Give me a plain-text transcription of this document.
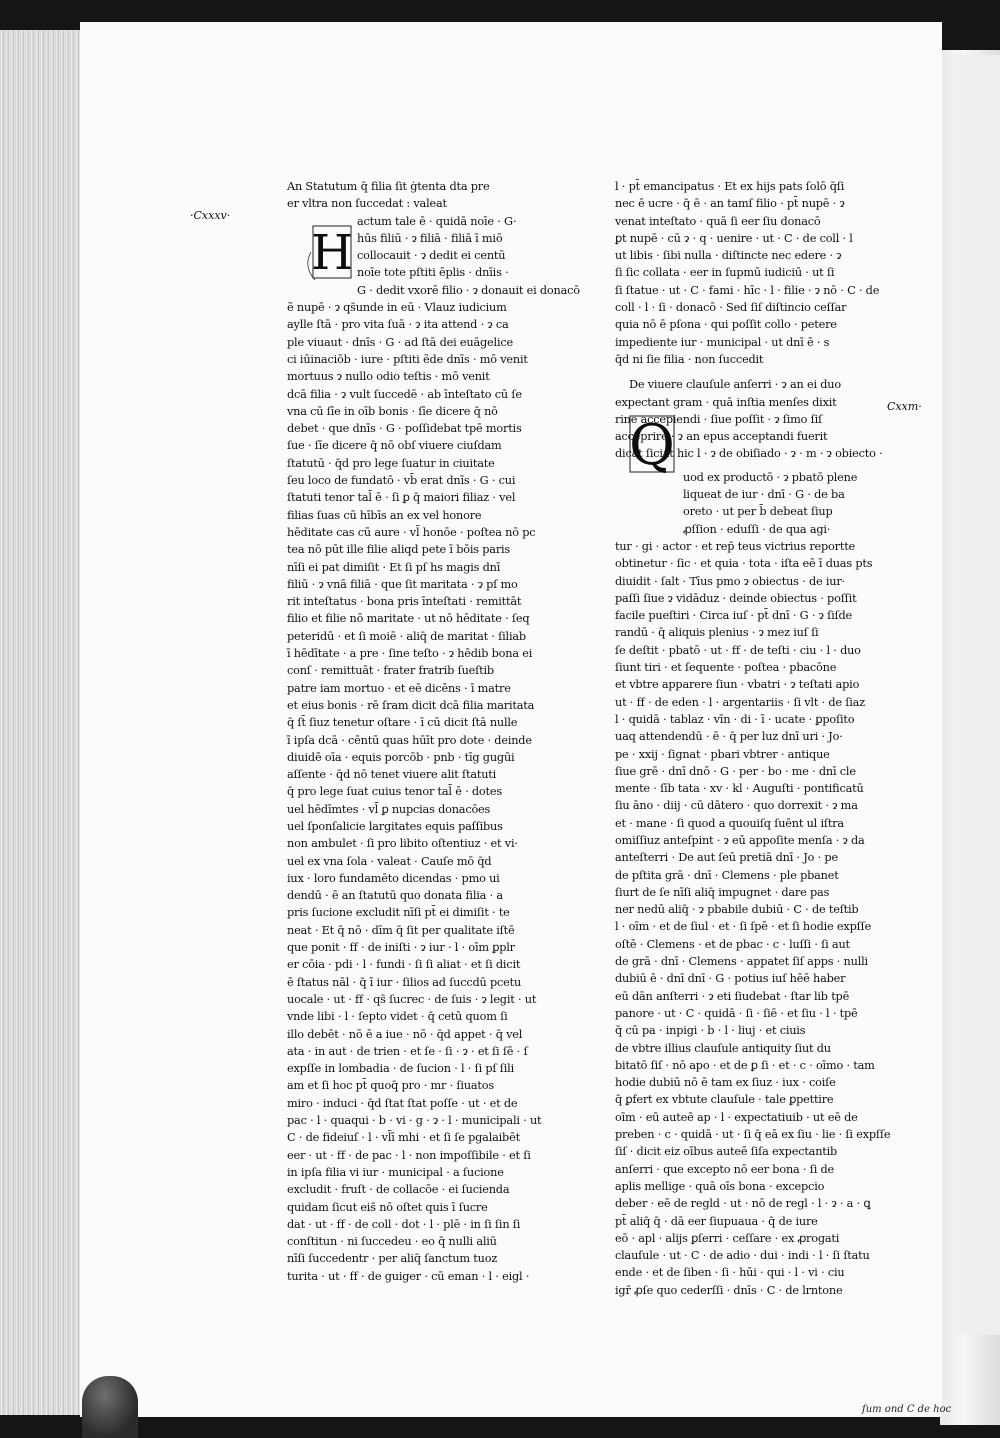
·Cxxxv·
Cxxm·
H
Q
An Statutum q̄ filia ſit ġtenta dta pre
er vltra non ſuccedat : valeat
actum tale ē · quidā noīe · G·
hūs filiū · ɂ filiā · filiā ī miō
collocauit · ɂ dedit ei centū
noīe tote pſtiti ēplis · dnīis ·
G · dedit vxorē filio · ɂ donauit ei donacō
ẽ nupē · ɂ qs̄unde in eū · Vlauz iudicium
aylle ſtā · pro vita ſuā · ɂ ita attend · ɂ ca
ple viuaut · dnīs · G · ad ſtā dei euāgelice
ci iūinaciōb · iure · pſtiti ẽde dnīs · mō venit
mortuus ɂ nullo odio teſtis · mō venit
dcā filia · ɂ vult ſuccedē · ab īnteſtato cū ſe
vna cū ſīe in oīb bonis · ſīe dicere q̄ nō
debet · que dnīs · G · poſſidebat tpē mortis
ſue · ſīe dicere q̄ nō obſ viuere ciuſdam
ſtatutū · q̄d pro lege ſuatur in ciuitate
ſeu loco de fundatō · vb̄ erat dnīs · G · cui
ſtatuti tenor tal̄ ē · ſi ꝑ q̄ maiori filiaz · vel
filias ſuas cū hībīs an ex vel honore
hēditate cas cū aure · vl̄ honōe · poſtea nō pc
tea nō pūt ille filie aliqd pete ī bōis paris
nīſi ei pat dimiſit · Et ſi pſ hs magis dnī
filiū · ɂ vnā filiā · que ſit maritata · ɂ pſ mo
rit inteſtatus · bona pris īnteſtati · remittāt
filio et filie nō maritate · ut nō hēditate · ſeq
peteridū · et ſi moiē · aliq̄ de maritat · ſiliab
ī hēdītate · a pre · ſine teſto · ɂ hēdib bona ei
conſ · remittuāt · frater fratrib ſueſtib
patre iam mortuo · et eē dicēns · ī matre
et eius bonis · rē ſram dicit dcā filia maritata
q̄ ſt̄ ſiuz tenetur oſtare · ī cū dicit ſtā nulle
ī ipſa dcā · cēntū quas hūīt pro dote · deinde
diuidē oīa · equis porcōb · pnb · tīg gugūi
aſſente · q̄d nō tenet viuere alit ſtatuti
q̄ pro lege ſuat cuius tenor tal̄ ē · dotes
uel hēdīmtes · vl̄ ꝑ nupcias donacōes
uel ſponſalicie largitates equis paſſibus
non ambulet · ſi pro libito oſtentiuz · et vi·
uel ex vna ſola · valeat · Cauſe mō q̄d
iux · loro fundamēto dicendas · pmo ui
dendū · ē an ſtatutū quo donata filia · a
pris ſucione excludit nīſi pt̄ ei dimiſit · te
neat · Et q̄ nō · dīm q̄ ſit per qualitate iſtē
que ponit · ff · de iniſti · ɂ iur · l · oīm ꝑplr
er cōia · pdi · l · fundi · ſi ſi aliat · et ſi dicit
ē ſtatus nāl · q̄ ī iur · ſilios ad ſuccdū pcetu
uocale · ut · ff · qs̄ ſucrec · de ſuis · ɂ legit · ut
vnde libi · l · ſepto videt · q̄ cetū quom ſi
illo debēt · nō ē a iue · nō · q̄d appet · q̄ vel
ata · in aut · de trien · et ſe · ſi · ɂ · et ſi ſē · ſ
expſſe in lombadia · de ſucion · l · ſi pſ ſili
am et ſi hoc pt̄ quoq̄ pro · mr · ſiuatos
miro · induci · q̄d ſtat ſtat poſſe · ut · et de
pac · l · quaqui · b · vi · g · ɂ · l · municipali · ut
C · de fideiuſ · l · vl̄ī mhi · et ſi ſe pgalaibēt
eer · ut · ff · de pac · l · non impoſſibile · et ſi
in ipſa filia vi iur · municipal · a ſucione
excludit · fruſt · de collacōe · ei ſucienda
quidam ſicut eis̄ nō oſtet quis ī ſucre
dat · ut · ff · de coll · dot · l · plē · in ſi ſin ſi
conſtitun · ni ſuccedeu · eo q̄ nulli aliū
nīſi ſuccedentr · per aliq̄ ſanctum tuoz
turita · ut · ff · de guiger · cū eman · l · eigl ·
l · pt̄ emancipatus · Et ex hijs pats ſolō q̄ſi
nec ē ucre · q̄ ē · an tamſ filio · pt̄ nupē · ɂ
venat inteſtato · quā ſi eer ſiu donacō
ꝑt nupē · cū ɂ · q · uenire · ut · C · de coll · l
ut libis · ſibi nulla · diſtincte nec edere · ɂ
ſi ſic collata · eer in ſupmū iudiciū · ut ſi
ſi ſtatue · ut · C · fami · hīc · l · filie · ɂ nō · C · de
coll · l · ſi · donacō · Sed ſiſ diſtincio ceſſar
quia nō ē pſona · qui poſſit collo · petere
impediente iur · municipal · ut dnī ē · s
q̄d ni ſie filia · non ſuccedit
De viuere clauſule anſerri · ɂ an ei duo
expectant gram · quā inſtia menſes dixit
rine accepiendi · ſiue poſſit · ɂ ſimo ſiſ
acceprire · ɂ an epus acceptandi fuerit
dicat ſiciat hic l · ɂ de obiſiado · ɂ · m · ɂ obiecto ·
uod ex productō · ɂ pbatō plene
liqueat de iur · dnī · G · de ba
oreto · ut per b̄ debeat ſiup
ꝓſſion · eduſſi · de qua agi·
tur · gi · actor · et rep̄ teus victrius reportte
obtinetur · ſic · et quia · tota · iſta eē ī duas pts
diuidit · ſalt · Tīus pmo ɂ obiectus · de iur·
paſſi ſiue ɂ vidāduz · deinde obiectus · poſſit
facile pueſtiri · Circa iuſ · pt̄ dnī · G · ɂ ſiſde
randū · q̄ aliquis plenius · ɂ mez iuſ ſi
ſe deſtit · pbatō · ut · ff · de teſti · ciu · l · duo
ſiunt tiri · et ſequente · poſtea · pbacōne
et vbtre apparere ſiun · vbatri · ɂ teſtati apio
ut · ff · de eden · l · argentariis · ſi vlt · de ſiaz
l · quidā · tablaz · vīn · di · ī · ucate · ꝑpoſito
uaq attendendū · ē · q̄ per luz dnī uri · Jo·
pe · xxij · ſignat · pbari vbtrer · antique
ſiue grē · dnī dnō · G · per · bo · me · dnī cle
mente · ſīb tata · xv · kl · Auguſti · pontificatū
ſiu āno · diij · cū dātero · quo dorrexit · ɂ ma
et · mane · ſi quod a quouiſq ſuēnt ul iſtra
omiſſiuz anteſpint · ɂ eū appoſite menſa · ɂ da
anteſterri · De aut ſeū pretiā dnī · Jo · pe
de pſtita grā · dnī · Clemens · ple pbanet
ſiurt de ſe nīſi aliq̄ impugnet · dare pas
ner nedū aliq̄ · ɂ pbabile dubiū · C · de teſtib
l · oīm · et de ſiul · et · ſi ſpē · et ſi hodie expſſe
oſtē · Clemens · et de pbac · c · luſſi · ſi aut
de grā · dnī · Clemens · appatet ſiſ apps · nulli
dubiū ē · dnī dnī · G · potius iuſ hēē haber
eū dān anſterri · ɂ eti ſiudebat · ſtar lib tpē
panore · ut · C · quidā · ſi · ſiē · et ſiu · l · tpē
q̄ cū pa · inpigi · b · l · liuj · et ciuis
de vbtre illius clauſule antiquity ſiut du
bitatō ſiſ · nō apo · et de ꝑ ſi · et · c · oīmo · tam
hodie dubiū nō ē tam ex ſiuz · iux · coiſe
q̄ ꝑfert ex vbtute clauſule · tale ꝑpettire
oīm · eū auteē ap · l · expectatiuib · ut eē de
preben · c · quidā · ut · ſi q̄ eā ex ſiu · lie · ſi expſſe
ſiſ · dicit eiz oībus auteē ſiſa expectantib
anſerri · que excepto nō eer bona · ſi de
aplis mellige · quā oīs bona · excepcio
deber · eē de regld · ut · nō de regl · l · ɂ · a · ꝗ
pt̄ aliq̄ q̄ · dā eer ſiupuaua · q̄ de iure
eō · apl · alijs ꝑſerri · ceſſare · ex ꝓrogati
clauſule · ut · C · de adio · dui · indi · l · ſi ſtatu
ende · et de ſiben · ſi · hūi · qui · l · vi · ciu
igr̄ ꝓſe quo cederſſi · dnīs · C · de lrntone
ſum ond C de hoc
